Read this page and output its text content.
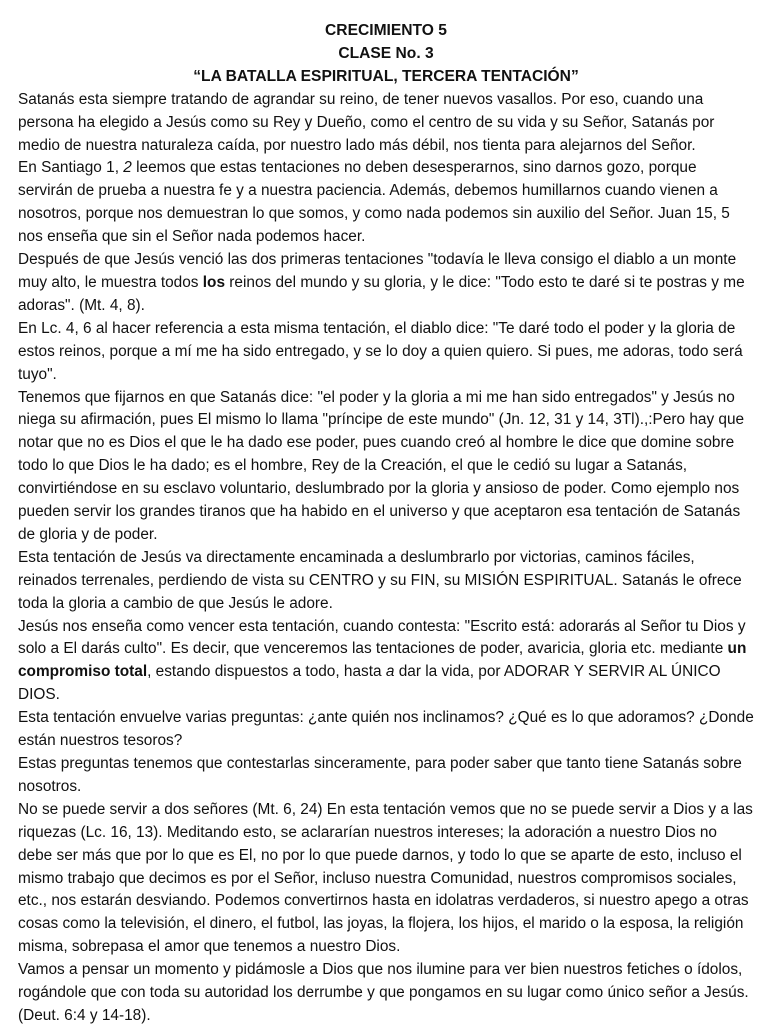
CRECIMIENTO 5
CLASE No. 3
“LA BATALLA ESPIRITUAL, TERCERA TENTACIÓN”

Satanás esta siempre tratando de agrandar su reino, de tener nuevos vasallos. Por eso, cuando una persona ha elegido a Jesús como su Rey y Dueño, como el centro de su vida y su Señor, Satanás por medio de nuestra naturaleza caída, por nuestro lado más débil, nos tienta para alejarnos del Señor.

En Santiago 1, 2 leemos que estas tentaciones no deben desesperarnos, sino darnos gozo, porque servirán de prueba a nuestra fe y a nuestra paciencia. Además, debemos humillarnos cuando vienen a nosotros, porque nos demuestran lo que somos, y como nada podemos sin auxilio del Señor. Juan 15, 5 nos enseña que sin el Señor nada podemos hacer.

Después de que Jesús venció las dos primeras tentaciones "todavía le lleva consigo el diablo a un monte muy alto, le muestra todos los reinos del mundo y su gloria, y le dice: "Todo esto te daré si te postras y me adoras". (Mt. 4, 8).

En Lc. 4, 6 al hacer referencia a esta misma tentación, el diablo dice: "Te daré todo el poder y la gloria de estos reinos, porque a mí me ha sido entregado, y se lo doy a quien quiero. Si pues, me adoras, todo será tuyo".

Tenemos que fijarnos en que Satanás dice: "el poder y la gloria a mi me han sido entregados" y Jesús no niega su afirmación, pues El mismo lo llama "príncipe de este mundo" (Jn. 12, 31 y 14, 3Tl).,:Pero hay que notar que no es Dios el que le ha dado ese poder, pues cuando creó al hombre le dice que domine sobre todo lo que Dios le ha dado; es el hombre, Rey de la Creación, el que le cedió su lugar a Satanás, convirtiéndose en su esclavo voluntario, deslumbrado por la gloria y ansioso de poder. Como ejemplo nos pueden servir los grandes tiranos que ha habido en el universo y que aceptaron esa tentación de Satanás de gloria y de poder.

Esta tentación de Jesús va directamente encaminada a deslumbrarlo por victorias, caminos fáciles, reinados terrenales, perdiendo de vista su CENTRO y su FIN, su MISIÓN ESPIRITUAL. Satanás le ofrece toda la gloria a cambio de que Jesús le adore.

Jesús nos enseña como vencer esta tentación, cuando contesta: "Escrito está: adorarás al Señor tu Dios y solo a El darás culto". Es decir, que venceremos las tentaciones de poder, avaricia, gloria etc. mediante un compromiso total, estando dispuestos a todo, hasta a dar la vida, por ADORAR Y SERVIR AL ÚNICO DIOS.

Esta tentación envuelve varias preguntas: ¿ante quién nos inclinamos? ¿Qué es lo que adoramos? ¿Donde están nuestros tesoros?

Estas preguntas tenemos que contestarlas sinceramente, para poder saber que tanto tiene Satanás sobre nosotros.

No se puede servir a dos señores (Mt. 6, 24) En esta tentación vemos que no se puede servir a Dios y a las riquezas (Lc. 16, 13). Meditando esto, se aclararían nuestros intereses; la adoración a nuestro Dios no debe ser más que por lo que es El, no por lo que puede darnos, y todo lo que se aparte de esto, incluso el mismo trabajo que decimos es por el Señor, incluso nuestra Comunidad, nuestros compromisos sociales, etc., nos estarán desviando. Podemos convertirnos hasta en idolatras verdaderos, si nuestro apego a otras cosas como la televisión, el dinero, el futbol, las joyas, la flojera, los hijos, el marido o la esposa, la religión misma, sobrepasa el amor que tenemos a nuestro Dios.

Vamos a pensar un momento y pidámosle a Dios que nos ilumine para ver bien nuestros fetiches o ídolos, rogándole que con toda su autoridad los derrumbe y que pongamos en su lugar como único señor a Jesús. (Deut. 6:4 y 14-18).
